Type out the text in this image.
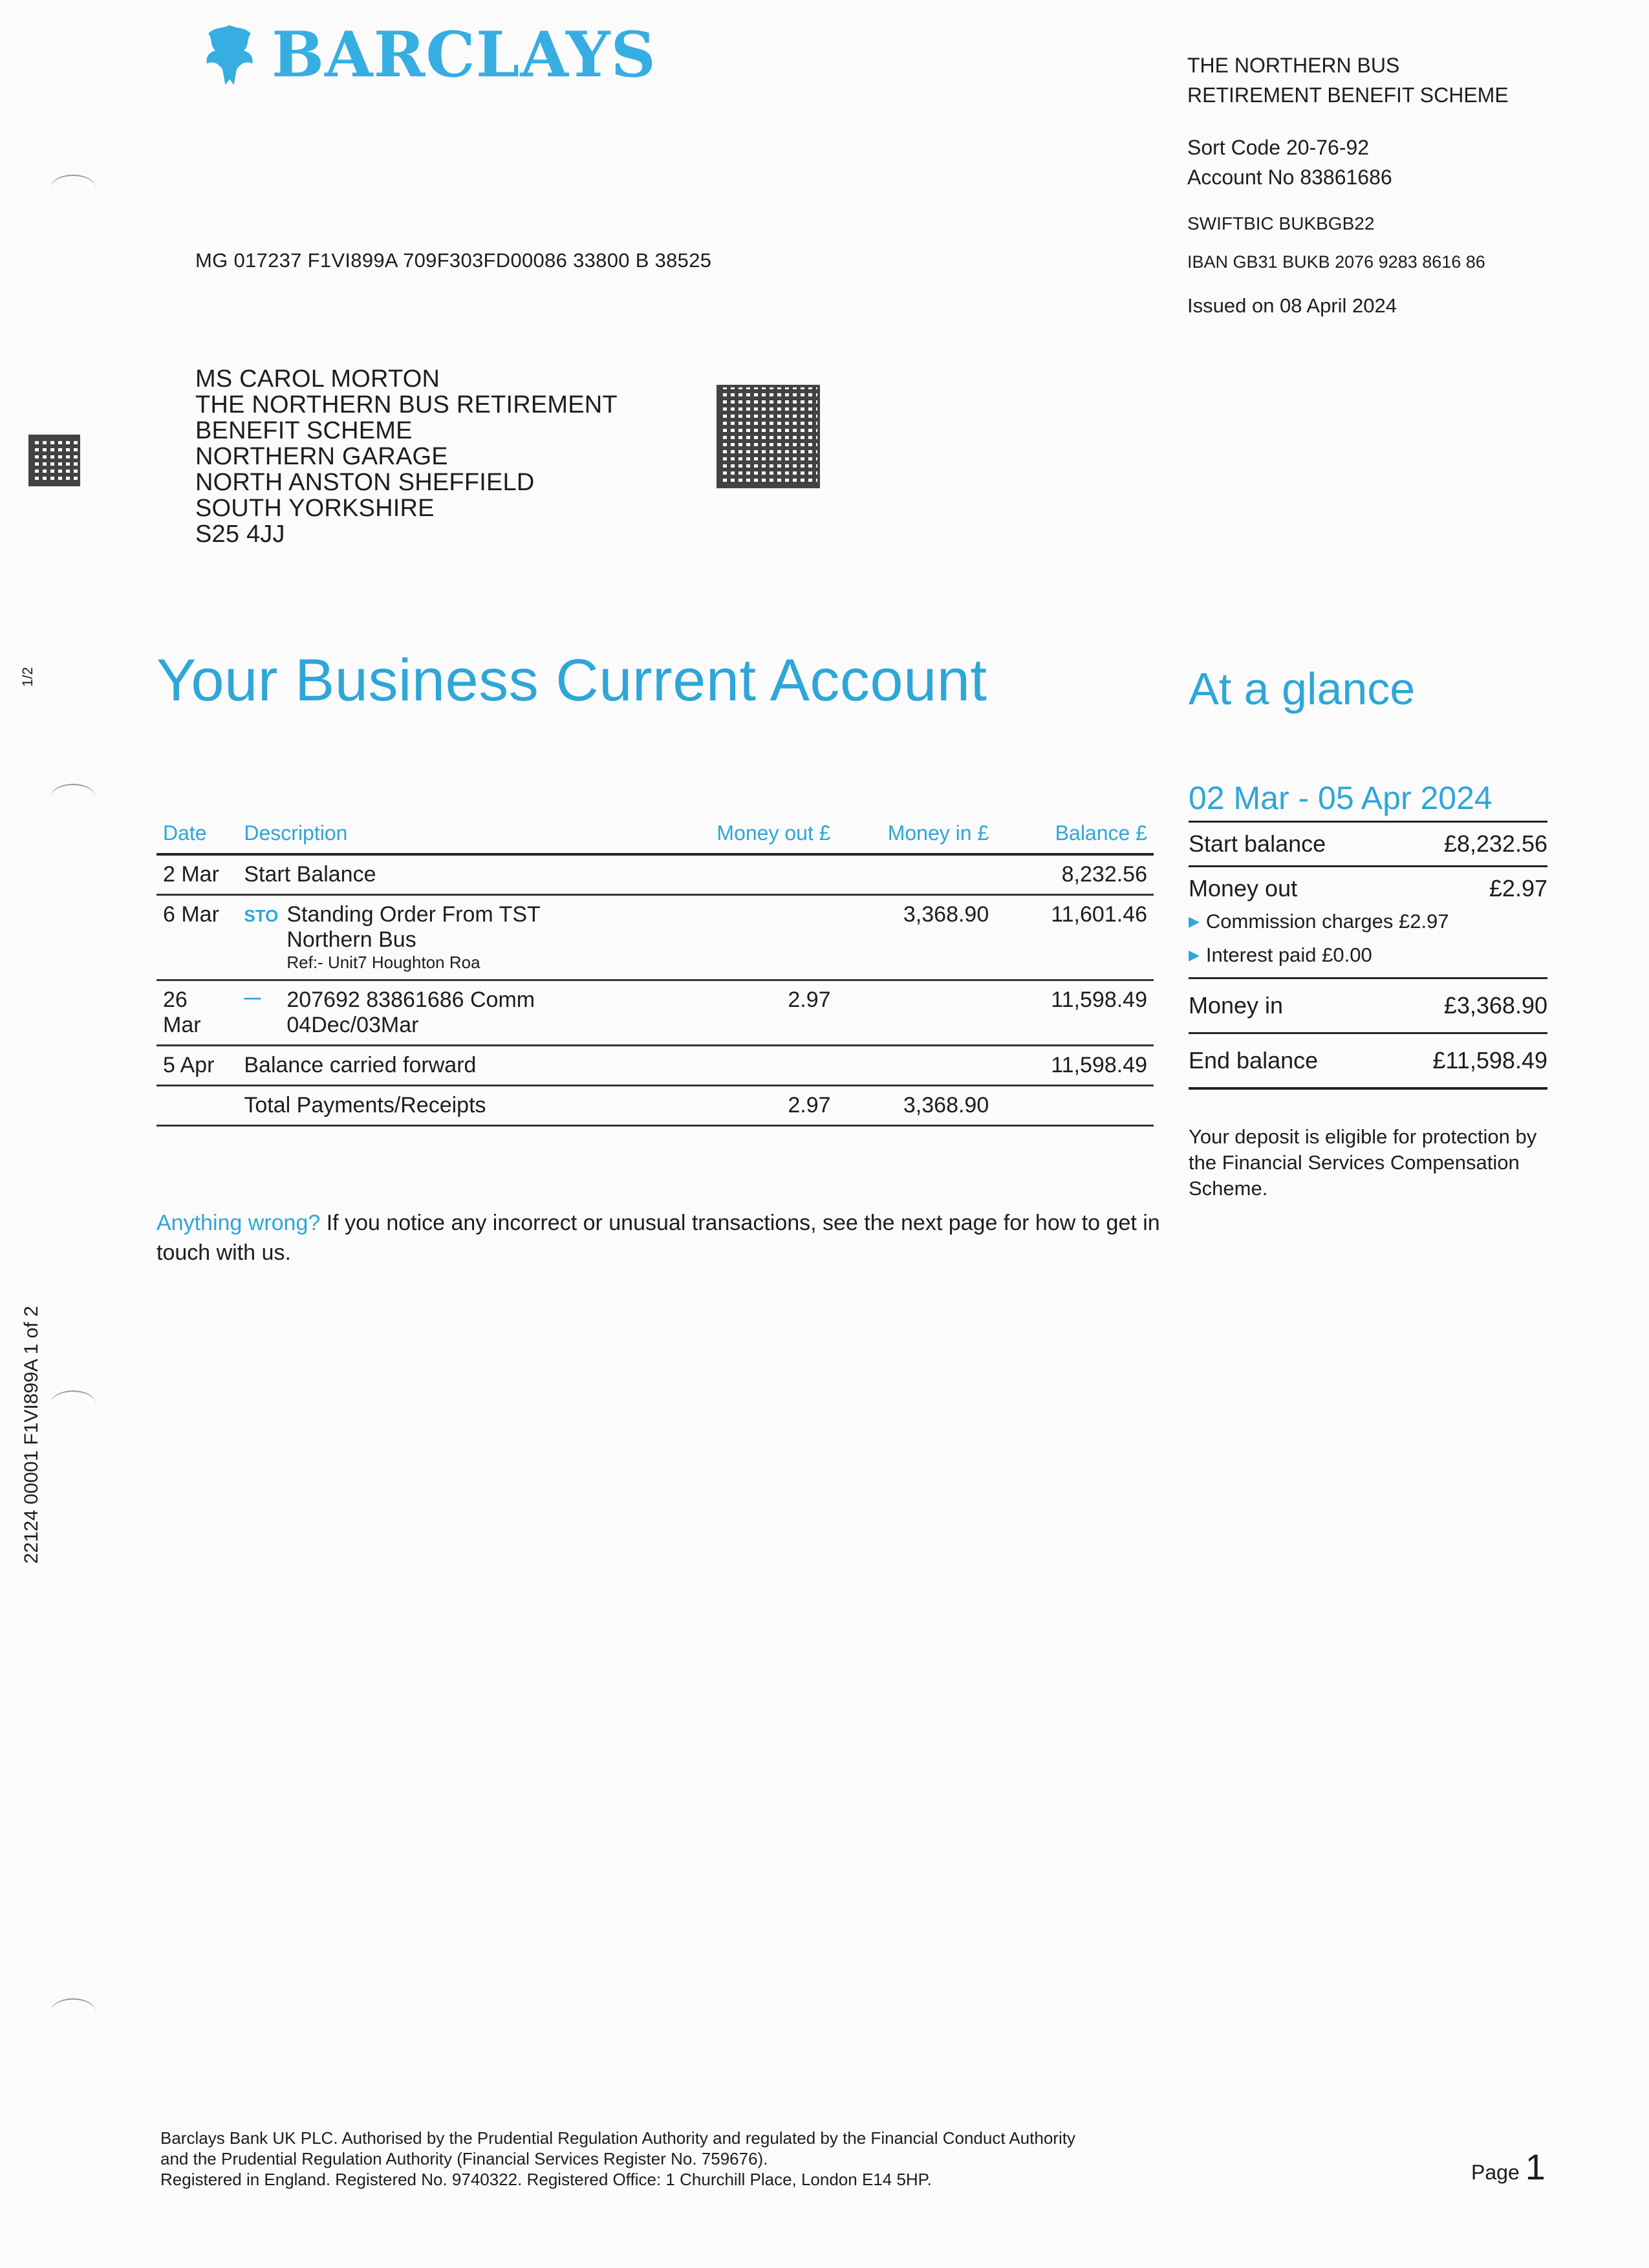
BARCLAYS	THE NORTHERN BUS
RETIREMENT BENEFIT SCHEME
Sort Code 20-76-92
Account No 83861686
SWIFTBIC BUKBGB22
IBAN GB31 BUKB 2076 9283 8616 86
Issued on 08 April 2024
MG 017237 F1VI899A 709F303FD00086 33800 B 38525
MS CAROL MORTON
THE NORTHERN BUS RETIREMENT
BENEFIT SCHEME
NORTHERN GARAGE
NORTH ANSTON SHEFFIELD
SOUTH YORKSHIRE
S25 4JJ
1/2
22124 00001 F1VI899A 1 of 2
Your Business Current Account
Date	Description	Money out £	Money in £	Balance £
2 Mar	Start Balance			8,232.56
6 Mar	STO Standing Order From TST
Northern Bus
Ref:- Unit7 Houghton Roa		3,368.90	11,601.46
26 Mar	— 207692 83861686 Comm
04Dec/03Mar	2.97		11,598.49
5 Apr	Balance carried forward			11,598.49
	Total Payments/Receipts	2.97	3,368.90	
Anything wrong? If you notice any incorrect or unusual transactions, see the next page for how to get in touch with us.
At a glance
02 Mar - 05 Apr 2024
Start balance	£8,232.56
Money out	£2.97
▶ Commission charges £2.97
▶ Interest paid £0.00
Money in	£3,368.90
End balance	£11,598.49
Your deposit is eligible for protection by the Financial Services Compensation Scheme.
Barclays Bank UK PLC. Authorised by the Prudential Regulation Authority and regulated by the Financial Conduct Authority
and the Prudential Regulation Authority (Financial Services Register No. 759676).
Registered in England. Registered No. 9740322. Registered Office: 1 Churchill Place, London E14 5HP.	Page 1
